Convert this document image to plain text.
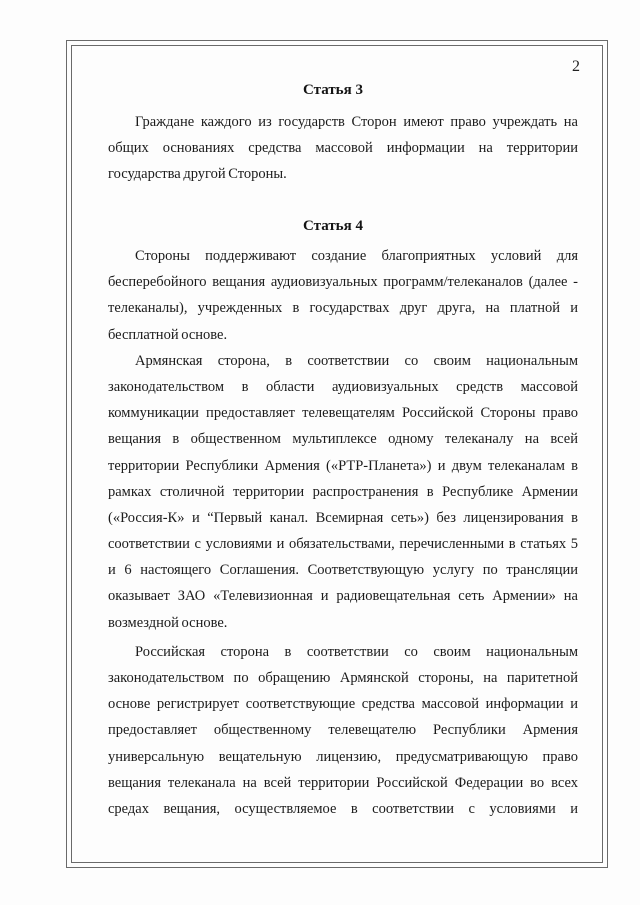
2
Статья 3

Граждане каждого из государств Сторон имеют право учреждать на
общих основаниях средства массовой информации на территории
государства другой Стороны.

Статья 4

Стороны поддерживают создание благоприятных условий для
бесперебойного вещания аудиовизуальных программ/телеканалов (далее -
телеканалы), учрежденных в государствах друг друга, на платной и
бесплатной основе.

Армянская сторона, в соответствии со своим национальным
законодательством в области аудиовизуальных средств массовой
коммуникации предоставляет телевещателям Российской Стороны право
вещания в общественном мультиплексе одному телеканалу на всей
территории Республики Армения («РТР-Планета») и двум телеканалам в
рамках столичной территории распространения в Республике Армении
(«Россия-К» и “Первый канал. Всемирная сеть») без лицензирования в
соответствии с условиями и обязательствами, перечисленными в статьях 5
и 6 настоящего Соглашения. Соответствующую услугу по трансляции
оказывает ЗАО «Телевизионная и радиовещательная сеть Армении» на
возмездной основе.

Российская сторона в соответствии со своим национальным
законодательством по обращению Армянской стороны, на паритетной
основе регистрирует соответствующие средства массовой информации и
предоставляет общественному телевещателю Республики Армения
универсальную вещательную лицензию, предусматривающую право
вещания телеканала на всей территории Российской Федерации во всех
средах вещания, осуществляемое в соответствии с условиями и
